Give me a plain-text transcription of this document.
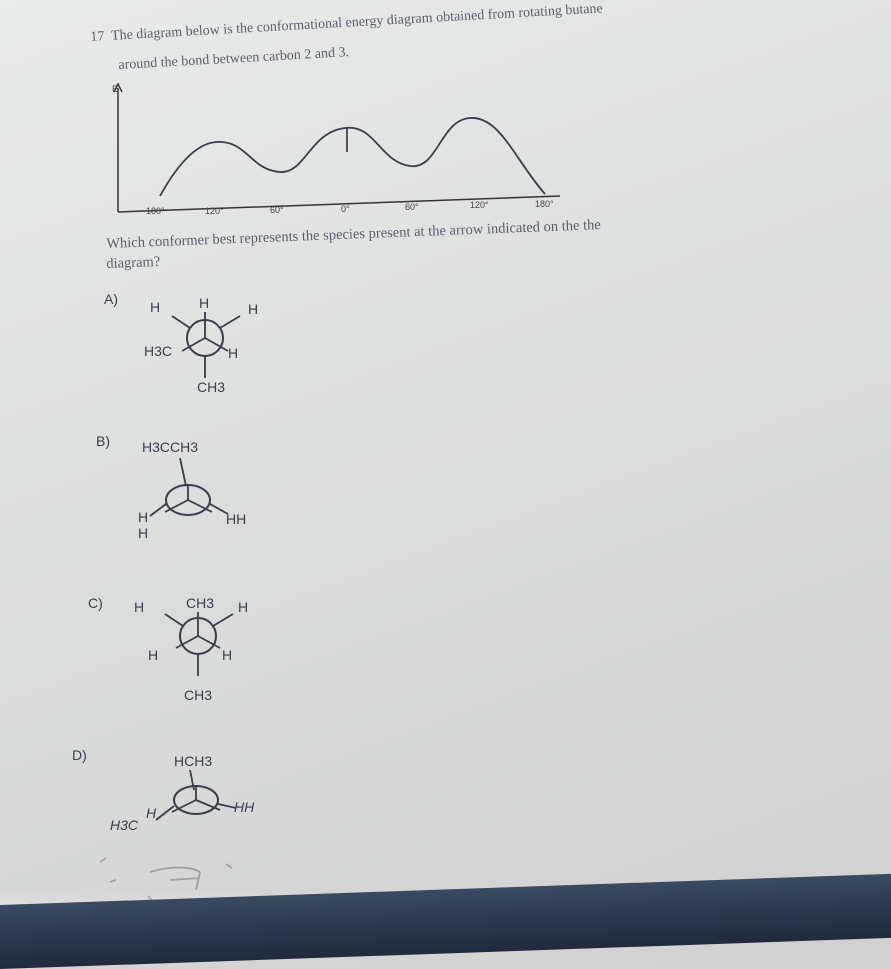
17 The diagram below is the conformational energy diagram obtained from rotating butane
around the bond between carbon 2 and 3.
E
180°	120°	60°	0°	60°	120°	180°
A) H	H	H
H3C	H
CH3
B) H3CCH3
H
H
HH
C) H	CH3 H
H	H
CH3
D)	HCH3
H
H3C
HH
Which conformer best represents the species present at the arrow indicated on the the
diagram?
